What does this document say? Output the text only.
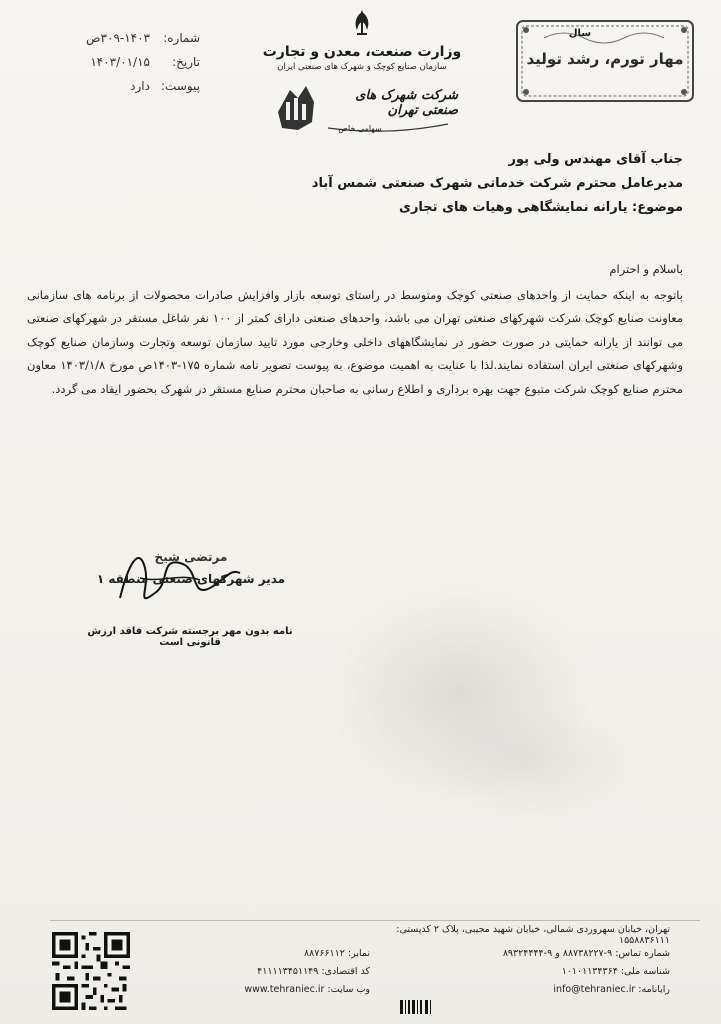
شماره:
۳۰۹-۱۴۰۳ص
تاریخ:
۱۴۰۳/۰۱/۱۵
پیوست:
دارد
وزارت صنعت، معدن و تجارت
سازمان صنایع کوچک و شهرک های صنعتی ایران
شرکت شهرک های صنعتی تهران
سهامی خاص
سال
مهار تورم، رشد تولید
جناب آقای مهندس ولی پور
مدیرعامل محترم شرکت خدماتی شهرک صنعتی شمس آباد
موضوع: یارانه نمایشگاهی وهیات های تجاری
باسلام و احترام
باتوجه به اینکه حمایت از واحدهای صنعتی کوچک ومتوسط در راستای توسعه بازار وافزایش صادرات محصولات از برنامه های سازمانی معاونت صنایع کوچک شرکت شهرکهای صنعتی تهران می باشد، واحدهای صنعتی دارای کمتر از ۱۰۰ نفر شاغل مستقر در شهرکهای صنعتی می توانند از یارانه حمایتی در صورت حضور در نمایشگاههای داخلی وخارجی مورد تایید سازمان توسعه وتجارت وسازمان صنایع کوچک وشهرکهای صنعتی ایران استفاده نمایند.لذا با عنایت به اهمیت موضوع، به پیوست تصویر نامه شماره ۱۷۵-۱۴۰۳ص مورخ ۱۴۰۳/۱/۸ معاون محترم صنایع کوچک شرکت متبوع جهت بهره برداری و اطلاع رسانی به صاحبان محترم صنایع مستقر در شهرک بحضور ایفاد می گردد.
مرتضی شیخ
مدیر شهرکهای صنعتی منطقه ۱
نامه بدون مهر برجسته شرکت فاقد ارزش قانونی است
تهران، خیابان سهروردی شمالی، خیابان شهید مجیبی، پلاک ۲ کدپستی: ۱۵۵۸۸۳۶۱۱۱
شماره تماس: ۹-۸۸۷۳۸۲۲۷ و ۹-۸۹۳۲۴۴۴۴
نمابر: ۸۸۷۶۶۱۱۲
شناسه ملی: ۱۰۱۰۱۱۳۴۳۶۴
کد اقتصادی: ۴۱۱۱۱۳۴۵۱۱۴۹
رایانامه: info@tehraniec.ir
وب سایت: www.tehraniec.ir
